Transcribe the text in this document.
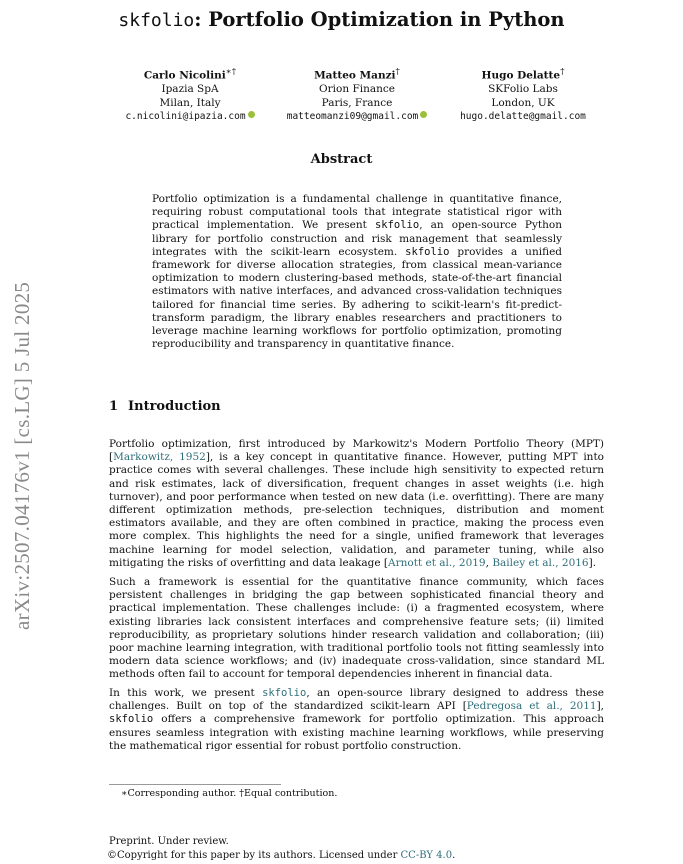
arXiv:2507.04176v1 [cs.LG] 5 Jul 2025
skfolio: Portfolio Optimization in Python
Carlo Nicolini∗†
Ipazia SpA
Milan, Italy
c.nicolini@ipazia.com
Matteo Manzi†
Orion Finance
Paris, France
matteomanzi09@gmail.com
Hugo Delatte†
SKFolio Labs
London, UK
hugo.delatte@gmail.com
Abstract
Portfolio optimization is a fundamental challenge in quantitative finance, requiring robust computational tools that integrate statistical rigor with practical implementation. We present skfolio, an open-source Python library for portfolio construction and risk management that seamlessly integrates with the scikit-learn ecosystem. skfolio provides a unified framework for diverse allocation strategies, from classical mean-variance optimization to modern clustering-based methods, state-of-the-art financial estimators with native interfaces, and advanced cross-validation techniques tailored for financial time series. By adhering to scikit-learn's fit-predict-transform paradigm, the library enables researchers and practitioners to leverage machine learning workflows for portfolio optimization, promoting reproducibility and transparency in quantitative finance.
1 Introduction
Portfolio optimization, first introduced by Markowitz's Modern Portfolio Theory (MPT) [Markowitz, 1952], is a key concept in quantitative finance. However, putting MPT into practice comes with several challenges. These include high sensitivity to expected return and risk estimates, lack of diversification, frequent changes in asset weights (i.e. high turnover), and poor performance when tested on new data (i.e. overfitting). There are many different optimization methods, pre-selection techniques, distribution and moment estimators available, and they are often combined in practice, making the process even more complex. This highlights the need for a single, unified framework that leverages machine learning for model selection, validation, and parameter tuning, while also mitigating the risks of overfitting and data leakage [Arnott et al., 2019, Bailey et al., 2016].
Such a framework is essential for the quantitative finance community, which faces persistent challenges in bridging the gap between sophisticated financial theory and practical implementation. These challenges include: (i) a fragmented ecosystem, where existing libraries lack consistent interfaces and comprehensive feature sets; (ii) limited reproducibility, as proprietary solutions hinder research validation and collaboration; (iii) poor machine learning integration, with traditional portfolio tools not fitting seamlessly into modern data science workflows; and (iv) inadequate cross-validation, since standard ML methods often fail to account for temporal dependencies inherent in financial data.
In this work, we present skfolio, an open-source library designed to address these challenges. Built on top of the standardized scikit-learn API [Pedregosa et al., 2011], skfolio offers a comprehensive framework for portfolio optimization. This approach ensures seamless integration with existing machine learning workflows, while preserving the mathematical rigor essential for robust portfolio construction.
∗Corresponding author. †Equal contribution.
Preprint. Under review.
©Copyright for this paper by its authors. Licensed under CC-BY 4.0.
